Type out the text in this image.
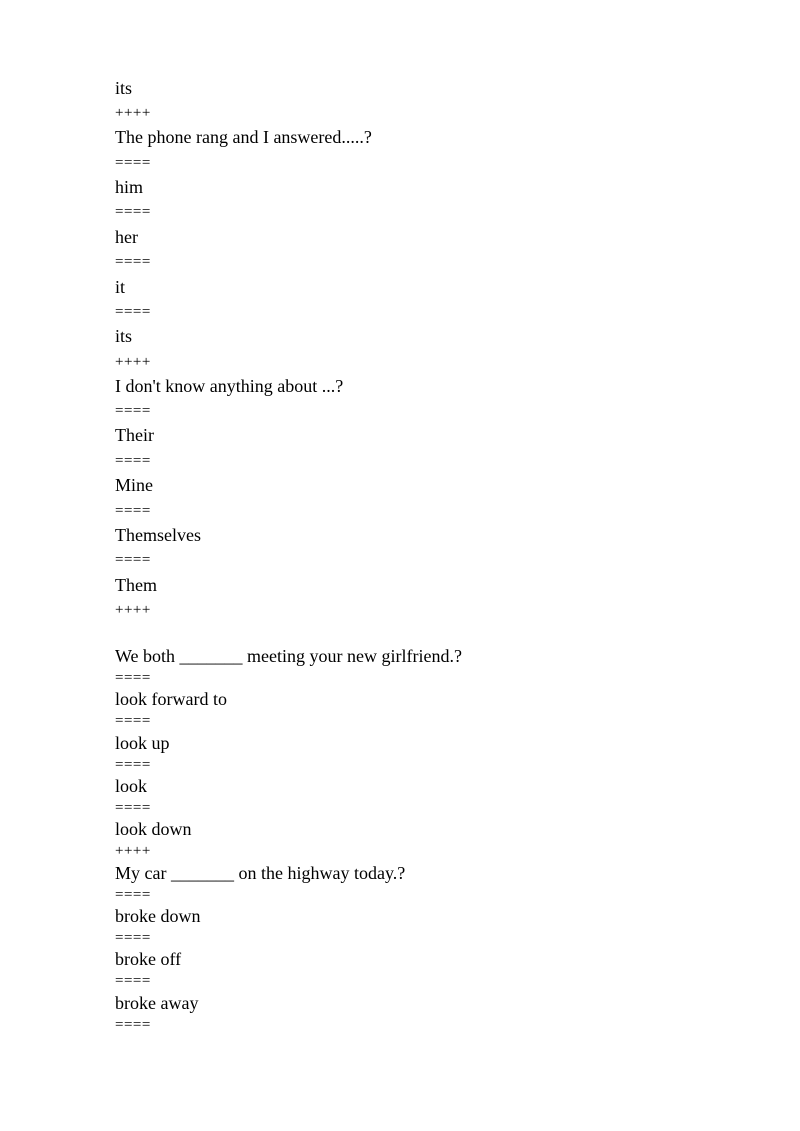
its
++++
The phone rang and I answered.....?
====
him
====
her
====
it
====
its
++++
I don't know anything about ...?
====
Their
====
Mine
====
Themselves
====
Them
++++
We both _______ meeting your new girlfriend.?
====
look forward to
====
look up
====
look
====
look down
++++
My car _______ on the highway today.?
====
broke down
====
broke off
====
broke away
====
